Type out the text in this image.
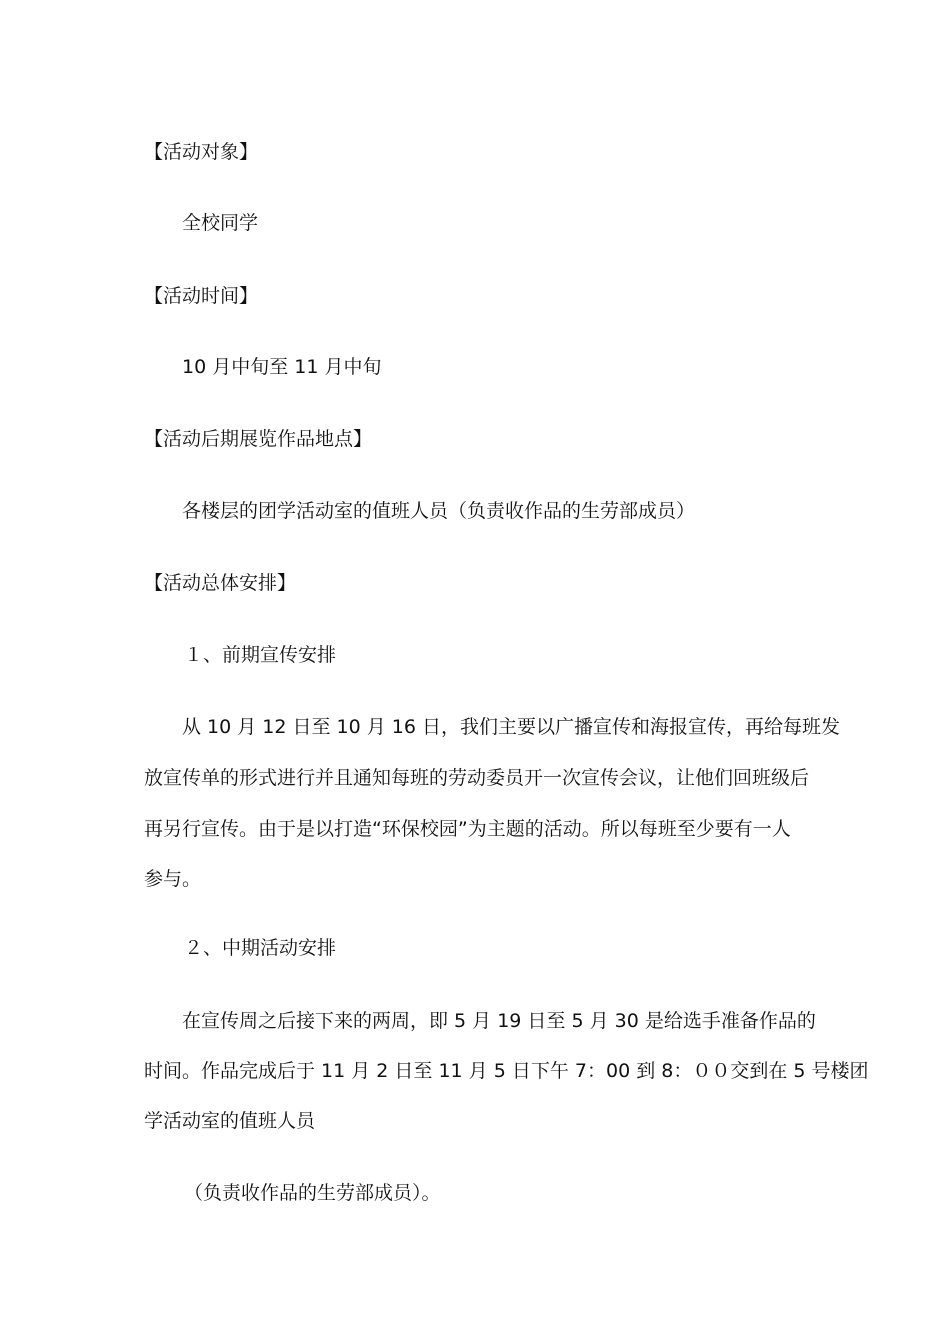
【活动对象】
全校同学
【活动时间】
10 月中旬至 11 月中旬
【活动后期展览作品地点】
各楼层的团学活动室的值班人员（负责收作品的生劳部成员）
【活动总体安排】
１、前期宣传安排
从 10 月 12 日至 10 月 16 日，我们主要以广播宣传和海报宣传，再给每班发
放宣传单的形式进行并且通知每班的劳动委员开一次宣传会议，让他们回班级后
再另行宣传。由于是以打造“环保校园”为主题的活动。所以每班至少要有一人
参与。
２、中期活动安排
在宣传周之后接下来的两周，即 5 月 19 日至 5 月 30 是给选手准备作品的
时间。作品完成后于 11 月 2 日至 11 月 5 日下午 7：00 到 8：００交到在 5 号楼团
学活动室的值班人员
（负责收作品的生劳部成员）。
